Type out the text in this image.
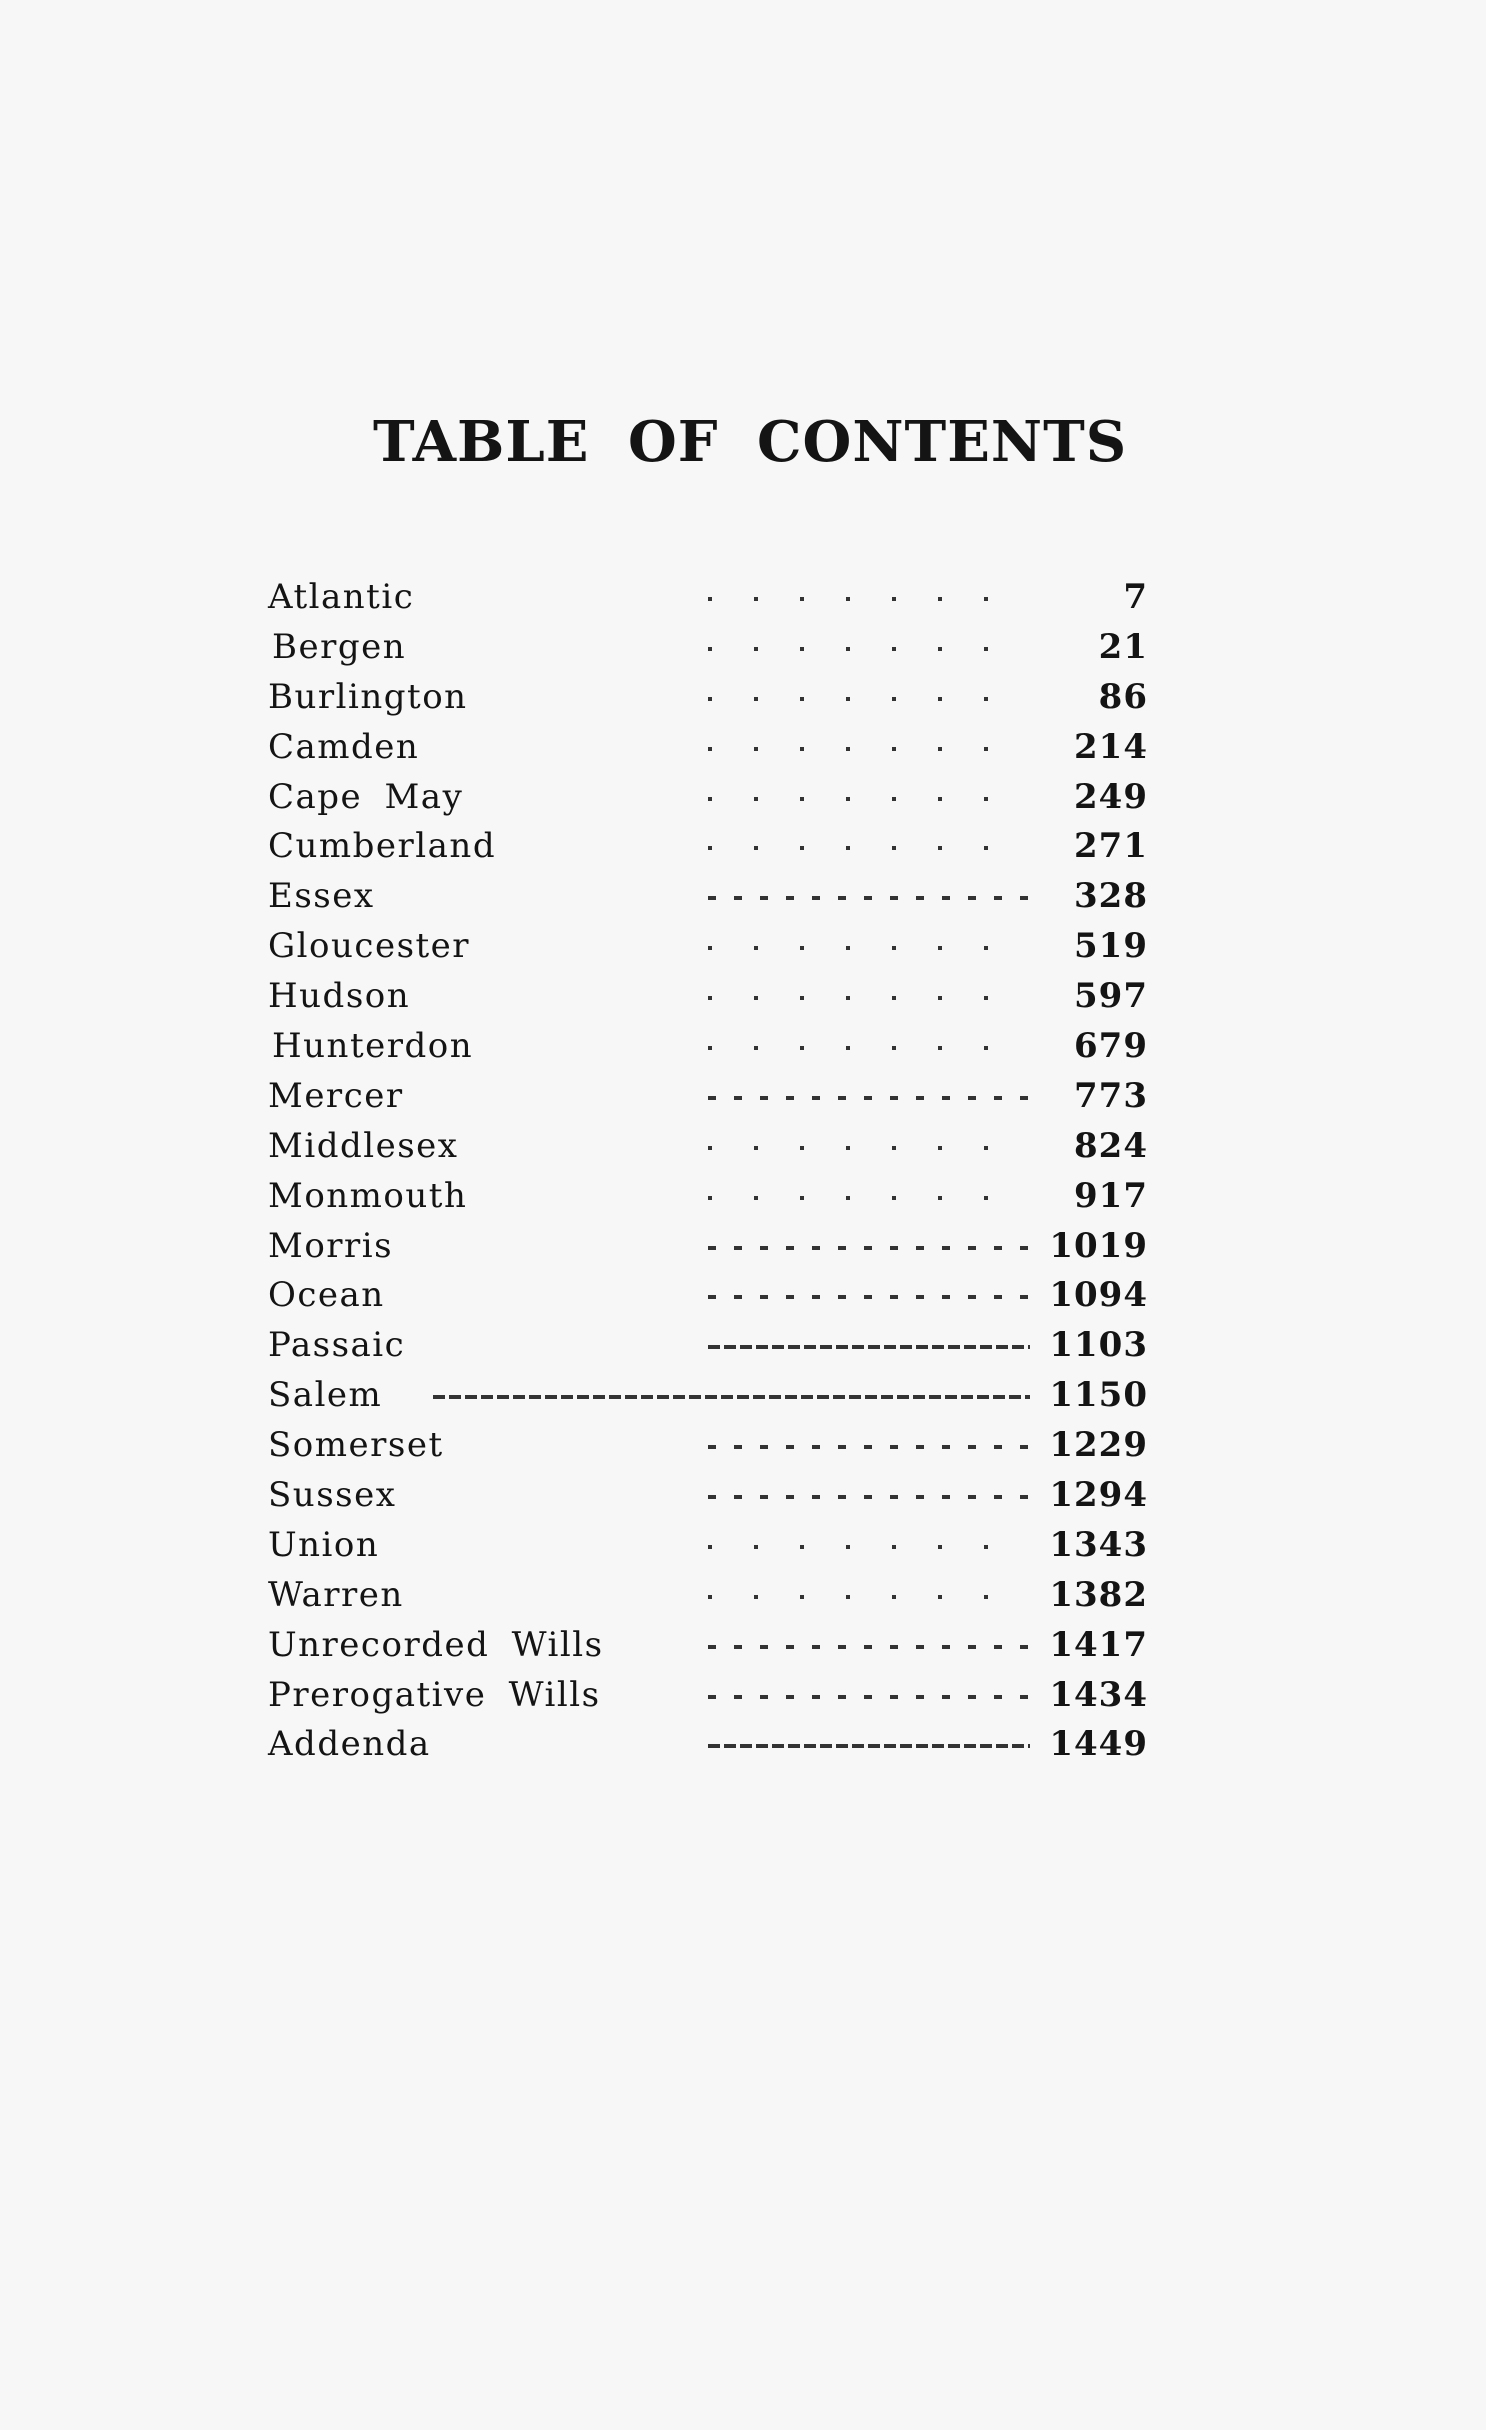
TABLE OF CONTENTS
Atlantic	7
Bergen	21
Burlington	86
Camden	214
Cape May	249
Cumberland	271
Essex	328
Gloucester	519
Hudson	597
Hunterdon	679
Mercer	773
Middlesex	824
Monmouth	917
Morris	1019
Ocean	1094
Passaic	1103
Salem	1150
Somerset	1229
Sussex	1294
Union	1343
Warren	1382
Unrecorded Wills	1417
Prerogative Wills	1434
Addenda	1449
